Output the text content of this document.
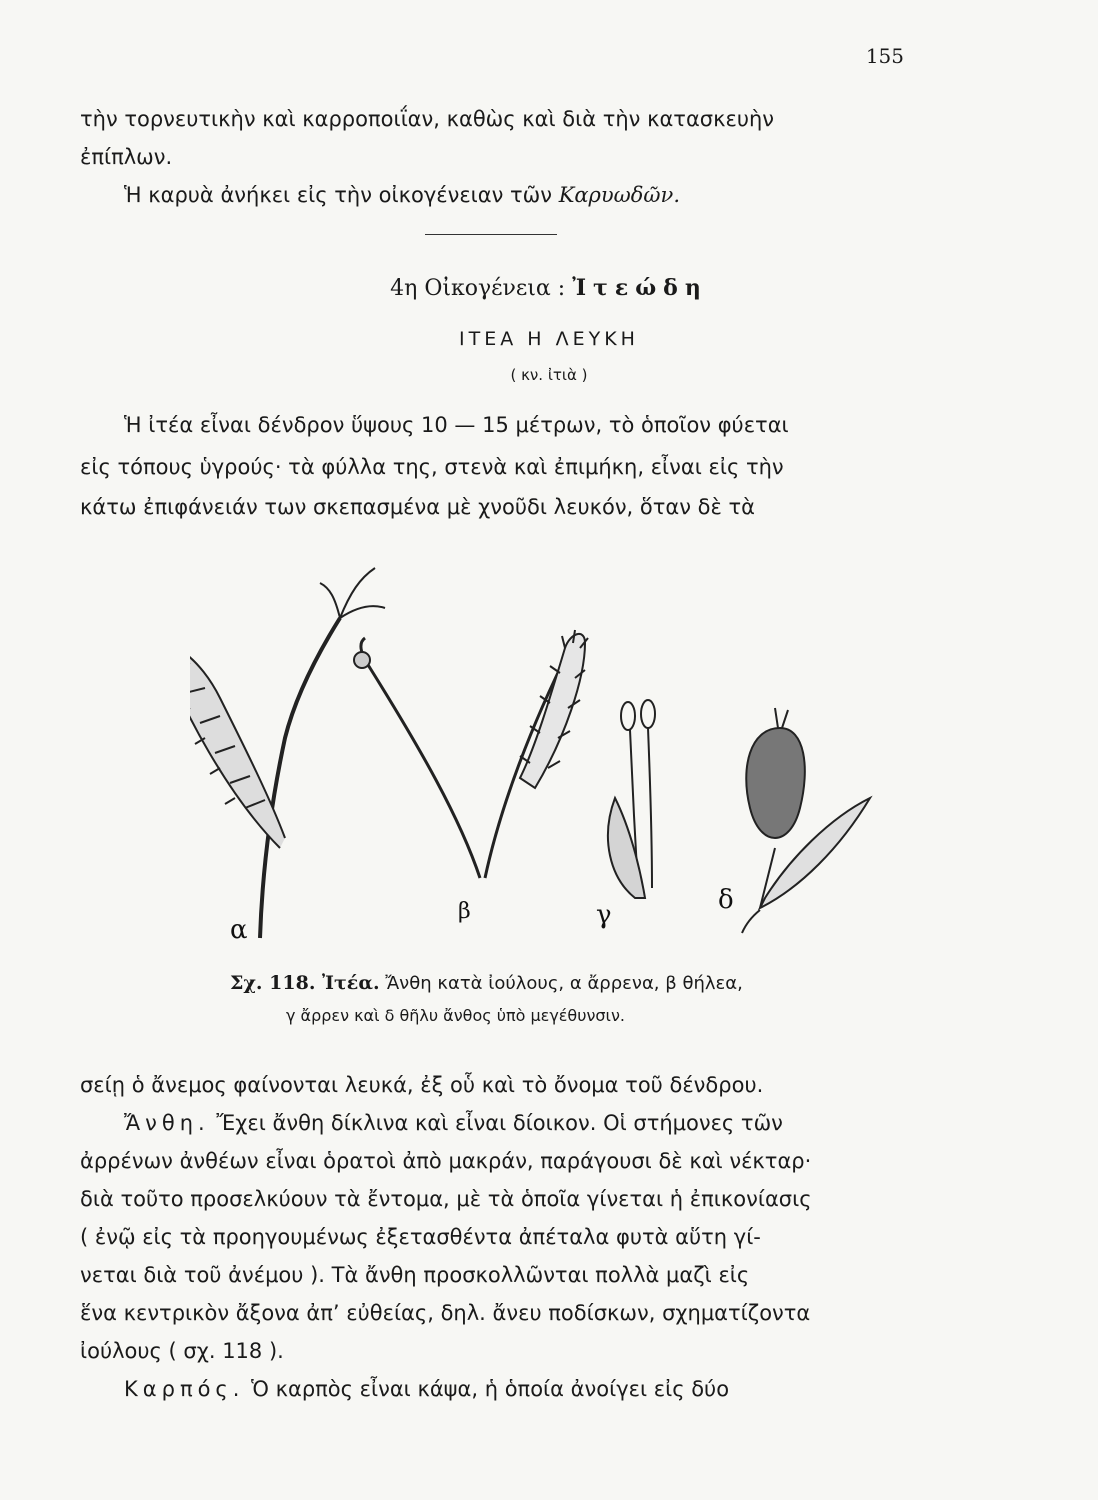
155
τὴν τορνευτικὴν καὶ καρροποιΐαν, καθὼς καὶ διὰ τὴν κατασκευὴν
ἐπίπλων.
Ἡ καρυὰ ἀνήκει εἰς τὴν οἰκογένειαν τῶν Καρυωδῶν.
4η Οἰκογένεια : Ἰτεώδη
ΙΤΕΑ Η ΛΕΥΚΗ
( κν. ἰτιὰ )
Ἡ ἰτέα εἶναι δένδρον ὕψους 10 — 15 μέτρων, τὸ ὁποῖον φύεται
εἰς τόπους ὑγρούς· τὰ φύλλα της, στενὰ καὶ ἐπιμήκη, εἶναι εἰς τὴν
κάτω ἐπιφάνειάν των σκεπασμένα μὲ χνοῦδι λευκόν, ὅταν δὲ τὰ
α
β	γ	δ
Σχ. 118. Ἰτέα. Ἄνθη κατὰ ἰούλους, α ἄρρενα, β θήλεα,
γ ἄρρεν καὶ δ θῆλυ ἄνθος ὑπὸ μεγέθυνσιν.
σείῃ ὁ ἄνεμος φαίνονται λευκά, ἐξ οὗ καὶ τὸ ὄνομα τοῦ δένδρου.
Ἄνθη. Ἔχει ἄνθη δίκλινα καὶ εἶναι δίοικον. Οἱ στήμονες τῶν
ἀρρένων ἀνθέων εἶναι ὁρατοὶ ἀπὸ μακράν, παράγουσι δὲ καὶ νέκταρ·
διὰ τοῦτο προσελκύουν τὰ ἔντομα, μὲ τὰ ὁποῖα γίνεται ἡ ἐπικονίασις
( ἐνῷ εἰς τὰ προηγουμένως ἐξετασθέντα ἀπέταλα φυτὰ αὕτη γί-
νεται διὰ τοῦ ἀνέμου ). Τὰ ἄνθη προσκολλῶνται πολλὰ μαζὶ εἰς
ἕνα κεντρικὸν ἄξονα ἀπ’ εὐθείας, δηλ. ἄνευ ποδίσκων, σχηματίζοντα
ἰούλους ( σχ. 118 ).
Καρπός. Ὁ καρπὸς εἶναι κάψα, ἡ ὁποία ἀνοίγει εἰς δύο
